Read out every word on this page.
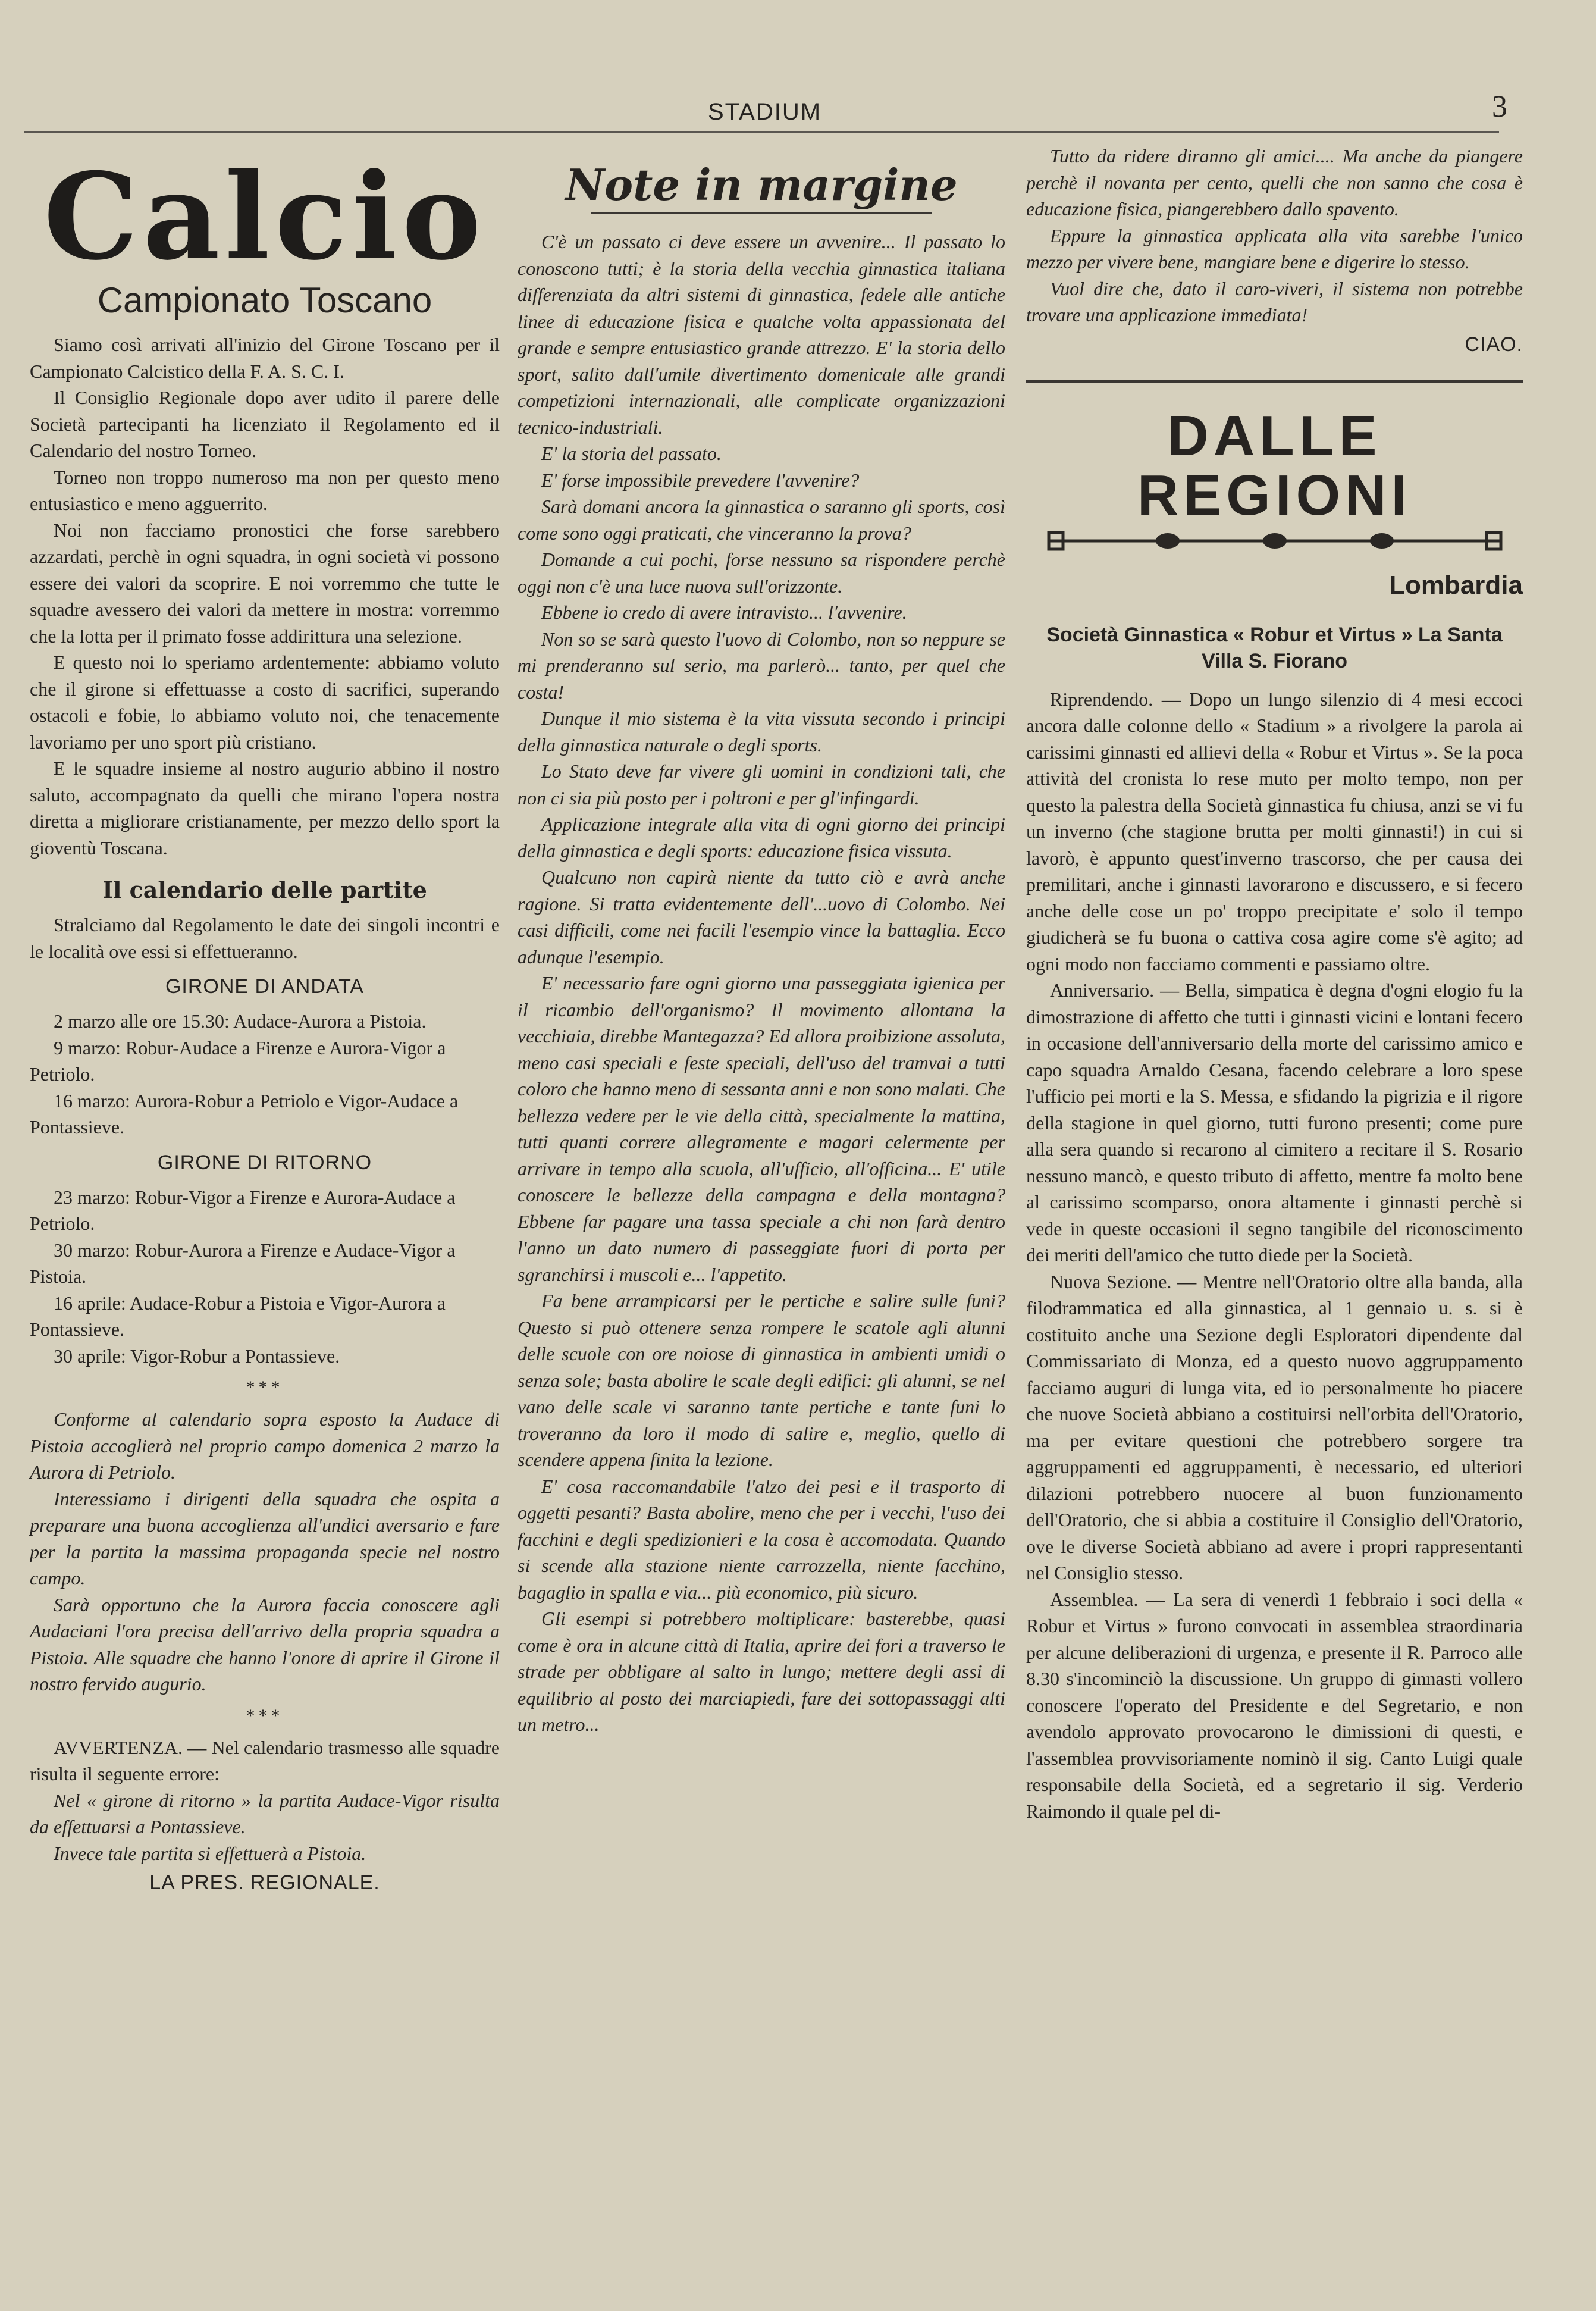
STADIUM	3
Calcio
Campionato Toscano

Siamo così arrivati all'inizio del Girone Toscano per il Campionato Calcistico della F. A. S. C. I.

Il Consiglio Regionale dopo aver udito il parere delle Società partecipanti ha licenziato il Regolamento ed il Calendario del nostro Torneo.

Torneo non troppo numeroso ma non per questo meno entusiastico e meno agguerrito.

Noi non facciamo pronostici che forse sarebbero azzardati, perchè in ogni squadra, in ogni società vi possono essere dei valori da scoprire. E noi vorremmo che tutte le squadre avessero dei valori da mettere in mostra: vorremmo che la lotta per il primato fosse addirittura una selezione.

E questo noi lo speriamo ardentemente: abbiamo voluto che il girone si effettuasse a costo di sacrifici, superando ostacoli e fobie, lo abbiamo voluto noi, che tenacemente lavoriamo per uno sport più cristiano.

E le squadre insieme al nostro augurio abbino il nostro saluto, accompagnato da quelli che mirano l'opera nostra diretta a migliorare cristianamente, per mezzo dello sport la gioventù Toscana.

Il calendario delle partite

Stralciamo dal Regolamento le date dei singoli incontri e le località ove essi si effettueranno.

GIRONE DI ANDATA

2 marzo alle ore 15.30: Audace-Aurora a Pistoia.

9 marzo: Robur-Audace a Firenze e Aurora-Vigor a Petriolo.

16 marzo: Aurora-Robur a Petriolo e Vigor-Audace a Pontassieve.

GIRONE DI RITORNO

23 marzo: Robur-Vigor a Firenze e Aurora-Audace a Petriolo.

30 marzo: Robur-Aurora a Firenze e Audace-Vigor a Pistoia.

16 aprile: Audace-Robur a Pistoia e Vigor-Aurora a Pontassieve.

30 aprile: Vigor-Robur a Pontassieve.

***

Conforme al calendario sopra esposto la Audace di Pistoia accoglierà nel proprio campo domenica 2 marzo la Aurora di Petriolo.

Interessiamo i dirigenti della squadra che ospita a preparare una buona accoglienza all'undici aversario e fare per la partita la massima propaganda specie nel nostro campo.

Sarà opportuno che la Aurora faccia conoscere agli Audaciani l'ora precisa dell'arrivo della propria squadra a Pistoia. Alle squadre che hanno l'onore di aprire il Girone il nostro fervido augurio.

***

AVVERTENZA. — Nel calendario trasmesso alle squadre risulta il seguente errore:

Nel « girone di ritorno » la partita Audace-Vigor risulta da effettuarsi a Pontassieve.

Invece tale partita si effettuerà a Pistoia.

LA PRES. REGIONALE.
Note in margine

C'è un passato ci deve essere un avvenire... Il passato lo conoscono tutti; è la storia della vecchia ginnastica italiana differenziata da altri sistemi di ginnastica, fedele alle antiche linee di educazione fisica e qualche volta appassionata del grande e sempre entusiastico grande attrezzo. E' la storia dello sport, salito dall'umile divertimento domenicale alle grandi competizioni internazionali, alle complicate organizzazioni tecnico-industriali.

E' la storia del passato.

E' forse impossibile prevedere l'avvenire?

Sarà domani ancora la ginnastica o saranno gli sports, così come sono oggi praticati, che vinceranno la prova?

Domande a cui pochi, forse nessuno sa rispondere perchè oggi non c'è una luce nuova sull'orizzonte.

Ebbene io credo di avere intravisto... l'avvenire.

Non so se sarà questo l'uovo di Colombo, non so neppure se mi prenderanno sul serio, ma parlerò... tanto, per quel che costa!

Dunque il mio sistema è la vita vissuta secondo i principi della ginnastica naturale o degli sports.

Lo Stato deve far vivere gli uomini in condizioni tali, che non ci sia più posto per i poltroni e per gl'infingardi.

Applicazione integrale alla vita di ogni giorno dei principi della ginnastica e degli sports: educazione fisica vissuta.

Qualcuno non capirà niente da tutto ciò e avrà anche ragione. Si tratta evidentemente dell'...uovo di Colombo. Nei casi difficili, come nei facili l'esempio vince la battaglia. Ecco adunque l'esempio.

E' necessario fare ogni giorno una passeggiata igienica per il ricambio dell'organismo? Il movimento allontana la vecchiaia, direbbe Mantegazza? Ed allora proibizione assoluta, meno casi speciali e feste speciali, dell'uso del tramvai a tutti coloro che hanno meno di sessanta anni e non sono malati. Che bellezza vedere per le vie della città, specialmente la mattina, tutti quanti correre allegramente e magari celermente per arrivare in tempo alla scuola, all'ufficio, all'officina... E' utile conoscere le bellezze della campagna e della montagna? Ebbene far pagare una tassa speciale a chi non farà dentro l'anno un dato numero di passeggiate fuori di porta per sgranchirsi i muscoli e... l'appetito.

Fa bene arrampicarsi per le pertiche e salire sulle funi? Questo si può ottenere senza rompere le scatole agli alunni delle scuole con ore noiose di ginnastica in ambienti umidi o senza sole; basta abolire le scale degli edifici: gli alunni, se nel vano delle scale vi saranno tante pertiche e tante funi lo troveranno da loro il modo di salire e, meglio, quello di scendere appena finita la lezione.

E' cosa raccomandabile l'alzo dei pesi e il trasporto di oggetti pesanti? Basta abolire, meno che per i vecchi, l'uso dei facchini e degli spedizionieri e la cosa è accomodata. Quando si scende alla stazione niente carrozzella, niente facchino, bagaglio in spalla e via... più economico, più sicuro.

Gli esempi si potrebbero moltiplicare: basterebbe, quasi come è ora in alcune città di Italia, aprire dei fori a traverso le strade per obbligare al salto in lungo; mettere degli assi di equilibrio al posto dei marciapiedi, fare dei sottopassaggi alti un metro...

Tutto da ridere diranno gli amici.... Ma anche da piangere perchè il novanta per cento, quelli che non sanno che cosa è educazione fisica, piangerebbero dallo spavento.

Eppure la ginnastica applicata alla vita sarebbe l'unico mezzo per vivere bene, mangiare bene e digerire lo stesso.

Vuol dire che, dato il caro-viveri, il sistema non potrebbe trovare una applicazione immediata!

CIAO.
DALLE REGIONI
Lombardia
Società Ginnastica « Robur et Virtus » La Santa Villa S. Fiorano

Riprendendo. — Dopo un lungo silenzio di 4 mesi eccoci ancora dalle colonne dello « Stadium » a rivolgere la parola ai carissimi ginnasti ed allievi della « Robur et Virtus ». Se la poca attività del cronista lo rese muto per molto tempo, non per questo la palestra della Società ginnastica fu chiusa, anzi se vi fu un inverno (che stagione brutta per molti ginnasti!) in cui si lavorò, è appunto quest'inverno trascorso, che per causa dei premilitari, anche i ginnasti lavorarono e discussero, e si fecero anche delle cose un po' troppo precipitate e' solo il tempo giudicherà se fu buona o cattiva cosa agire come s'è agito; ad ogni modo non facciamo commenti e passiamo oltre.

Anniversario. — Bella, simpatica è degna d'ogni elogio fu la dimostrazione di affetto che tutti i ginnasti vicini e lontani fecero in occasione dell'anniversario della morte del carissimo amico e capo squadra Arnaldo Cesana, facendo celebrare a loro spese l'ufficio pei morti e la S. Messa, e sfidando la pigrizia e il rigore della stagione in quel giorno, tutti furono presenti; come pure alla sera quando si recarono al cimitero a recitare il S. Rosario nessuno mancò, e questo tributo di affetto, mentre fa molto bene al carissimo scomparso, onora altamente i ginnasti perchè si vede in queste occasioni il segno tangibile del riconoscimento dei meriti dell'amico che tutto diede per la Società.

Nuova Sezione. — Mentre nell'Oratorio oltre alla banda, alla filodrammatica ed alla ginnastica, al 1 gennaio u. s. si è costituito anche una Sezione degli Esploratori dipendente dal Commissariato di Monza, ed a questo nuovo aggruppamento facciamo auguri di lunga vita, ed io personalmente ho piacere che nuove Società abbiano a costituirsi nell'orbita dell'Oratorio, ma per evitare questioni che potrebbero sorgere tra aggruppamenti ed aggruppamenti, è necessario, ed ulteriori dilazioni potrebbero nuocere al buon funzionamento dell'Oratorio, che si abbia a costituire il Consiglio dell'Oratorio, ove le diverse Società abbiano ad avere i propri rappresentanti nel Consiglio stesso.

Assemblea. — La sera di venerdì 1 febbraio i soci della « Robur et Virtus » furono convocati in assemblea straordinaria per alcune deliberazioni di urgenza, e presente il R. Parroco alle 8.30 s'incominciò la discussione. Un gruppo di ginnasti vollero conoscere l'operato del Presidente e del Segretario, e non avendolo approvato provocarono le dimissioni di questi, e l'assemblea provvisoriamente nominò il sig. Canto Luigi quale responsabile della Società, ed a segretario il sig. Verderio Raimondo il quale pel di-
